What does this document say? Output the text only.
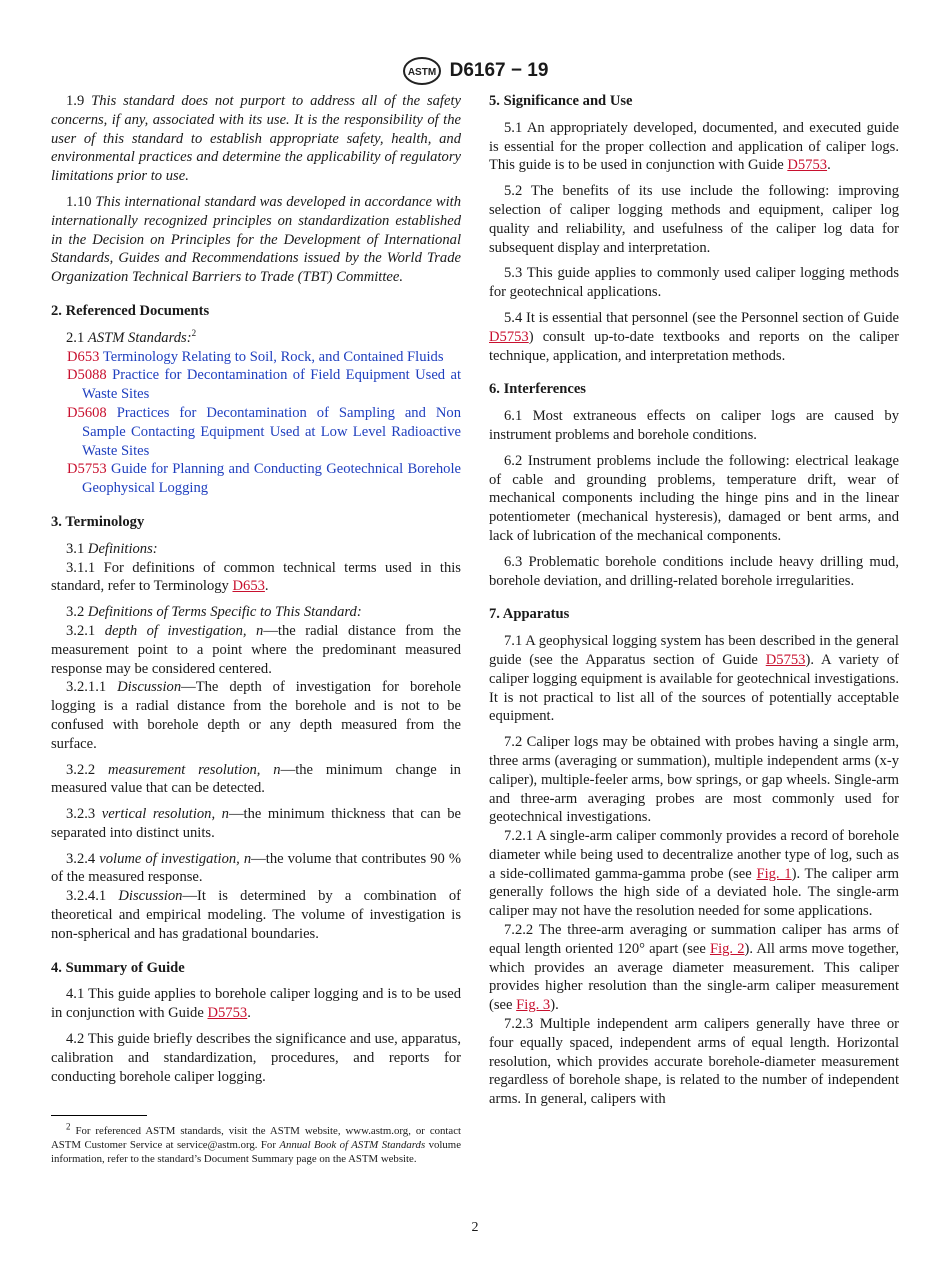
ASTM D6167 − 19

1.9 This standard does not purport to address all of the safety concerns, if any, associated with its use. It is the responsibility of the user of this standard to establish appropriate safety, health, and environmental practices and determine the applicability of regulatory limitations prior to use.

1.10 This international standard was developed in accordance with internationally recognized principles on standardization established in the Decision on Principles for the Development of International Standards, Guides and Recommendations issued by the World Trade Organization Technical Barriers to Trade (TBT) Committee.

2. Referenced Documents

2.1 ASTM Standards:$^2$

D653 Terminology Relating to Soil, Rock, and Contained Fluids

D5088 Practice for Decontamination of Field Equipment Used at Waste Sites

D5608 Practices for Decontamination of Sampling and Non Sample Contacting Equipment Used at Low Level Radioactive Waste Sites

D5753 Guide for Planning and Conducting Geotechnical Borehole Geophysical Logging

3. Terminology

3.1 Definitions:

3.1.1 For definitions of common technical terms used in this standard, refer to Terminology D653.

3.2 Definitions of Terms Specific to This Standard:

3.2.1 depth of investigation, n—the radial distance from the measurement point to a point where the predominant measured response may be considered centered.

3.2.1.1 Discussion—The depth of investigation for borehole logging is a radial distance from the borehole and is not to be confused with borehole depth or any depth measured from the surface.

3.2.2 measurement resolution, n—the minimum change in measured value that can be detected.

3.2.3 vertical resolution, n—the minimum thickness that can be separated into distinct units.

3.2.4 volume of investigation, n—the volume that contributes 90 % of the measured response.

3.2.4.1 Discussion—It is determined by a combination of theoretical and empirical modeling. The volume of investigation is non-spherical and has gradational boundaries.

4. Summary of Guide

4.1 This guide applies to borehole caliper logging and is to be used in conjunction with Guide D5753.

4.2 This guide briefly describes the significance and use, apparatus, calibration and standardization, procedures, and reports for conducting borehole caliper logging.

$^2$ For referenced ASTM standards, visit the ASTM website, www.astm.org, or contact ASTM Customer Service at service@astm.org. For Annual Book of ASTM Standards volume information, refer to the standard’s Document Summary page on the ASTM website.

5. Significance and Use

5.1 An appropriately developed, documented, and executed guide is essential for the proper collection and application of caliper logs. This guide is to be used in conjunction with Guide D5753.

5.2 The benefits of its use include the following: improving selection of caliper logging methods and equipment, caliper log quality and reliability, and usefulness of the caliper log data for subsequent display and interpretation.

5.3 This guide applies to commonly used caliper logging methods for geotechnical applications.

5.4 It is essential that personnel (see the Personnel section of Guide D5753) consult up-to-date textbooks and reports on the caliper technique, application, and interpretation methods.

6. Interferences

6.1 Most extraneous effects on caliper logs are caused by instrument problems and borehole conditions.

6.2 Instrument problems include the following: electrical leakage of cable and grounding problems, temperature drift, wear of mechanical components including the hinge pins and in the linear potentiometer (mechanical hysteresis), damaged or bent arms, and lack of lubrication of the mechanical components.

6.3 Problematic borehole conditions include heavy drilling mud, borehole deviation, and drilling-related borehole irregularities.

7. Apparatus

7.1 A geophysical logging system has been described in the general guide (see the Apparatus section of Guide D5753). A variety of caliper logging equipment is available for geotechnical investigations. It is not practical to list all of the sources of potentially acceptable equipment.

7.2 Caliper logs may be obtained with probes having a single arm, three arms (averaging or summation), multiple independent arms (x-y caliper), multiple-feeler arms, bow springs, or gap wheels. Single-arm and three-arm averaging probes are most commonly used for geotechnical investigations.

7.2.1 A single-arm caliper commonly provides a record of borehole diameter while being used to decentralize another type of log, such as a side-collimated gamma-gamma probe (see Fig. 1). The caliper arm generally follows the high side of a deviated hole. The single-arm caliper may not have the resolution needed for some applications.

7.2.2 The three-arm averaging or summation caliper has arms of equal length oriented 120° apart (see Fig. 2). All arms move together, which provides an average diameter measurement. This caliper provides higher resolution than the single-arm caliper measurement (see Fig. 3).

7.2.3 Multiple independent arm calipers generally have three or four equally spaced, independent arms of equal length. Horizontal resolution, which provides accurate borehole-diameter measurement regardless of borehole shape, is related to the number of independent arms. In general, calipers with

2
